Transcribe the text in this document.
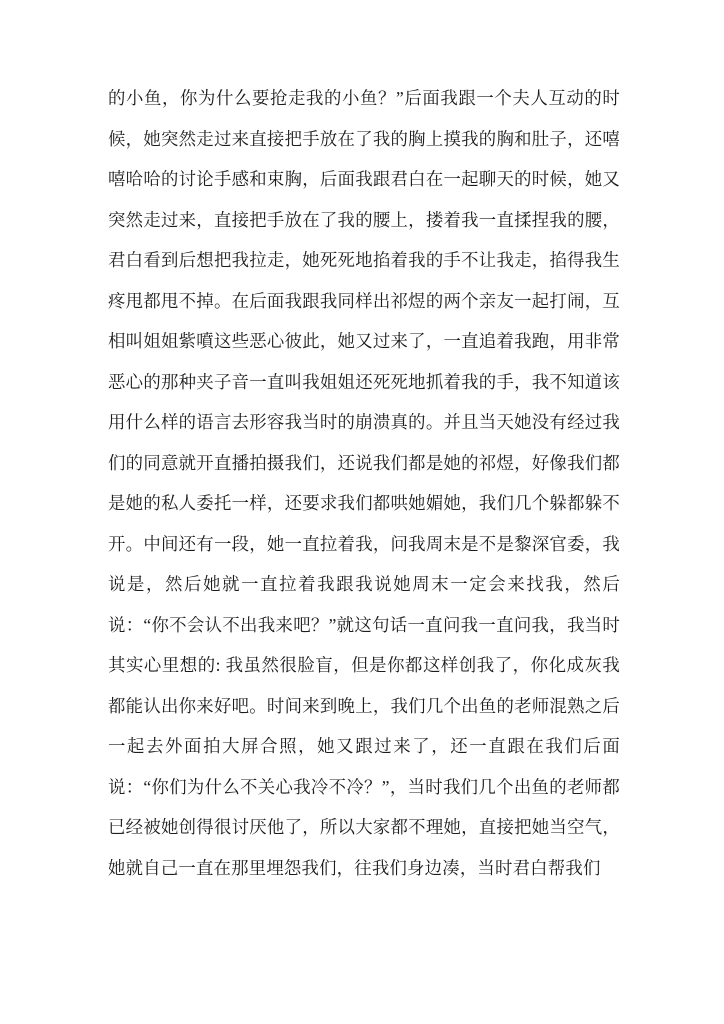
的小鱼，你为什么要抢走我的小鱼？”后面我跟一个夫人互动的时候，她突然走过来直接把手放在了我的胸上摸我的胸和肚子，还嘻嘻哈哈的讨论手感和束胸，后面我跟君白在一起聊天的时候，她又突然走过来，直接把手放在了我的腰上，搂着我一直揉捏我的腰，君白看到后想把我拉走，她死死地掐着我的手不让我走，掐得我生疼甩都甩不掉。在后面我跟我同样出祁煜的两个亲友一起打闹，互相叫姐姐紫噴这些恶心彼此，她又过来了，一直追着我跑，用非常恶心的那种夹子音一直叫我姐姐还死死地抓着我的手，我不知道该用什么样的语言去形容我当时的崩溃真的。并且当天她没有经过我们的同意就开直播拍摄我们，还说我们都是她的祁煜，好像我们都是她的私人委托一样，还要求我们都哄她媚她，我们几个躲都躲不开。中间还有一段，她一直拉着我，问我周末是不是黎深官委，我说是，然后她就一直拉着我跟我说她周末一定会来找我，然后说：“你不会认不出我来吧？”就这句话一直问我一直问我，我当时其实心里想的: 我虽然很脸盲，但是你都这样创我了，你化成灰我都能认出你来好吧。时间来到晚上，我们几个出鱼的老师混熟之后一起去外面拍大屏合照，她又跟过来了，还一直跟在我们后面说：“你们为什么不关心我冷不冷？”，当时我们几个出鱼的老师都已经被她创得很讨厌他了，所以大家都不理她，直接把她当空气，她就自己一直在那里埋怨我们，往我们身边凑，当时君白帮我们
